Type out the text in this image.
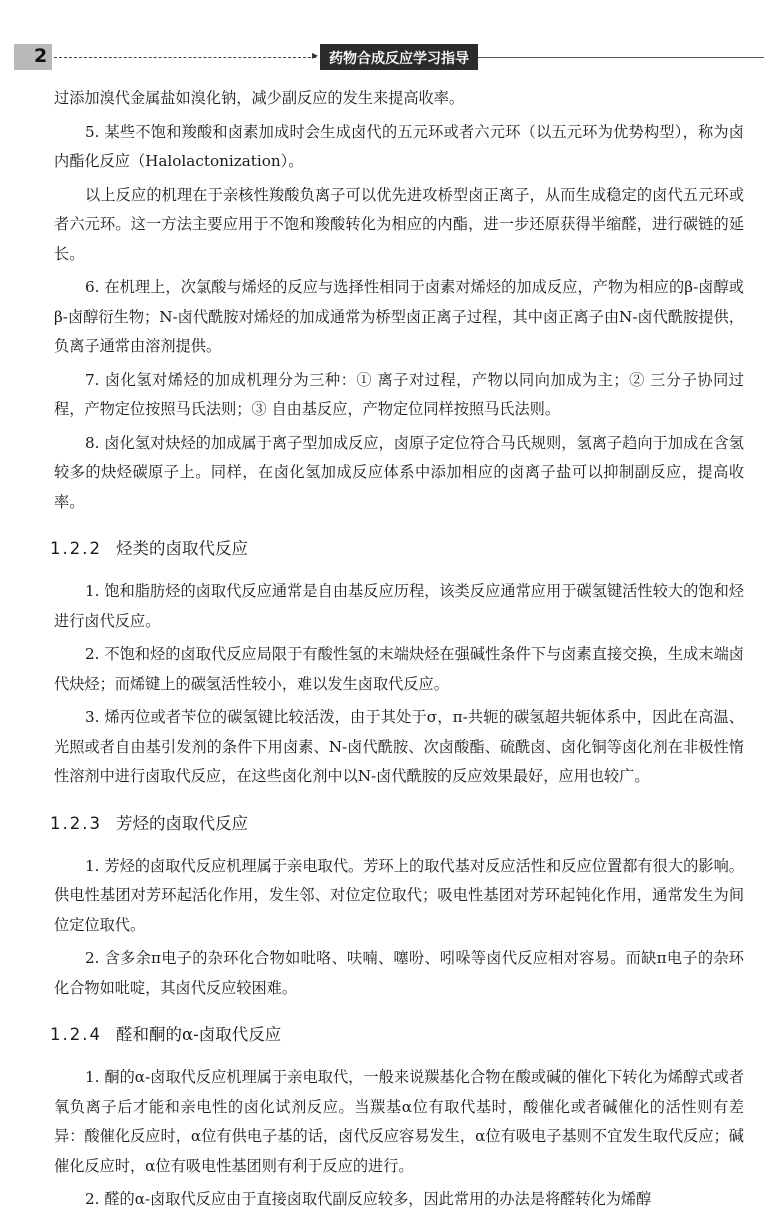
2	▸ 药物合成反应学习指导

过添加溴代金属盐如溴化钠，减少副反应的发生来提高收率。

5. 某些不饱和羧酸和卤素加成时会生成卤代的五元环或者六元环（以五元环为优势构型），称为卤内酯化反应（Halolactonization）。

以上反应的机理在于亲核性羧酸负离子可以优先进攻桥型卤正离子，从而生成稳定的卤代五元环或者六元环。这一方法主要应用于不饱和羧酸转化为相应的内酯，进一步还原获得半缩醛，进行碳链的延长。

6. 在机理上，次氯酸与烯烃的反应与选择性相同于卤素对烯烃的加成反应，产物为相应的β-卤醇或β-卤醇衍生物；N-卤代酰胺对烯烃的加成通常为桥型卤正离子过程，其中卤正离子由N-卤代酰胺提供，负离子通常由溶剂提供。

7. 卤化氢对烯烃的加成机理分为三种：① 离子对过程，产物以同向加成为主；② 三分子协同过程，产物定位按照马氏法则；③ 自由基反应，产物定位同样按照马氏法则。

8. 卤化氢对炔烃的加成属于离子型加成反应，卤原子定位符合马氏规则，氢离子趋向于加成在含氢较多的炔烃碳原子上。同样，在卤化氢加成反应体系中添加相应的卤离子盐可以抑制副反应，提高收率。

1.2.2 烃类的卤取代反应

1. 饱和脂肪烃的卤取代反应通常是自由基反应历程，该类反应通常应用于碳氢键活性较大的饱和烃进行卤代反应。

2. 不饱和烃的卤取代反应局限于有酸性氢的末端炔烃在强碱性条件下与卤素直接交换，生成末端卤代炔烃；而烯键上的碳氢活性较小，难以发生卤取代反应。

3. 烯丙位或者苄位的碳氢键比较活泼，由于其处于σ，π-共轭的碳氢超共轭体系中，因此在高温、光照或者自由基引发剂的条件下用卤素、N-卤代酰胺、次卤酸酯、硫酰卤、卤化铜等卤化剂在非极性惰性溶剂中进行卤取代反应，在这些卤化剂中以N-卤代酰胺的反应效果最好，应用也较广。

1.2.3 芳烃的卤取代反应

1. 芳烃的卤取代反应机理属于亲电取代。芳环上的取代基对反应活性和反应位置都有很大的影响。供电性基团对芳环起活化作用，发生邻、对位定位取代；吸电性基团对芳环起钝化作用，通常发生为间位定位取代。

2. 含多余π电子的杂环化合物如吡咯、呋喃、噻吩、吲哚等卤代反应相对容易。而缺π电子的杂环化合物如吡啶，其卤代反应较困难。

1.2.4 醛和酮的α-卤取代反应

1. 酮的α-卤取代反应机理属于亲电取代，一般来说羰基化合物在酸或碱的催化下转化为烯醇式或者氧负离子后才能和亲电性的卤化试剂反应。当羰基α位有取代基时，酸催化或者碱催化的活性则有差异：酸催化反应时，α位有供电子基的话，卤代反应容易发生，α位有吸电子基则不宜发生取代反应；碱催化反应时，α位有吸电性基团则有利于反应的进行。

2. 醛的α-卤取代反应由于直接卤取代副反应较多，因此常用的办法是将醛转化为烯醇
